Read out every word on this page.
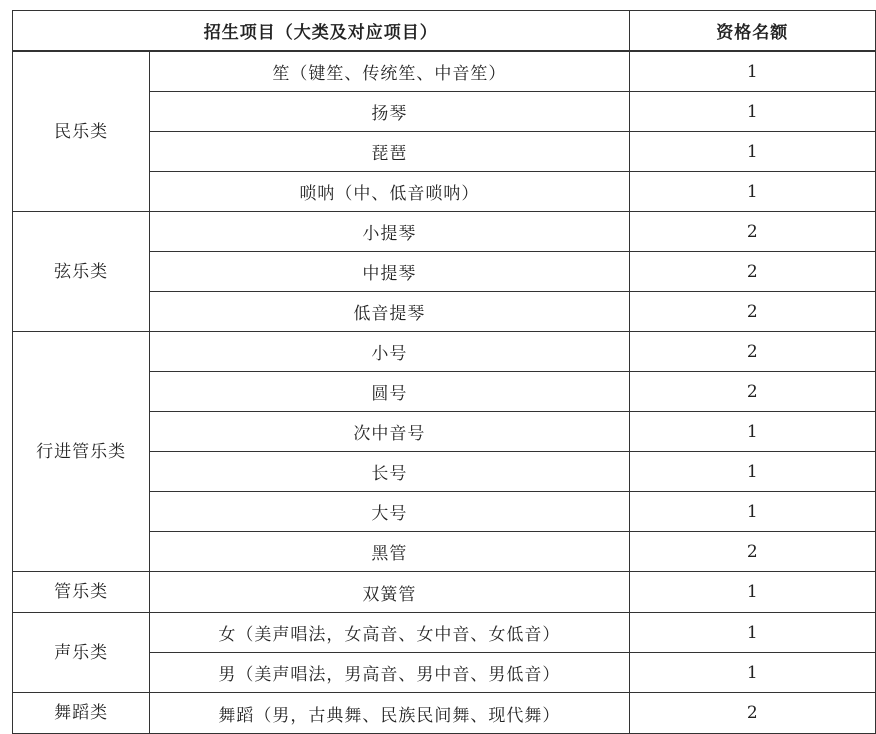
招生项目（大类及对应项目）		资格名额
民乐类	笙（键笙、传统笙、中音笙）	1
	扬琴	1
	琵琶	1
	唢呐（中、低音唢呐）	1
弦乐类	小提琴	2
	中提琴	2
	低音提琴	2
行进管乐类	小号	2
	圆号	2
	次中音号	1
	长号	1
	大号	1
	黑管	2
管乐类	双簧管	1
声乐类	女（美声唱法，女高音、女中音、女低音）	1
	男（美声唱法，男高音、男中音、男低音）	1
舞蹈类	舞蹈（男，古典舞、民族民间舞、现代舞）	2
